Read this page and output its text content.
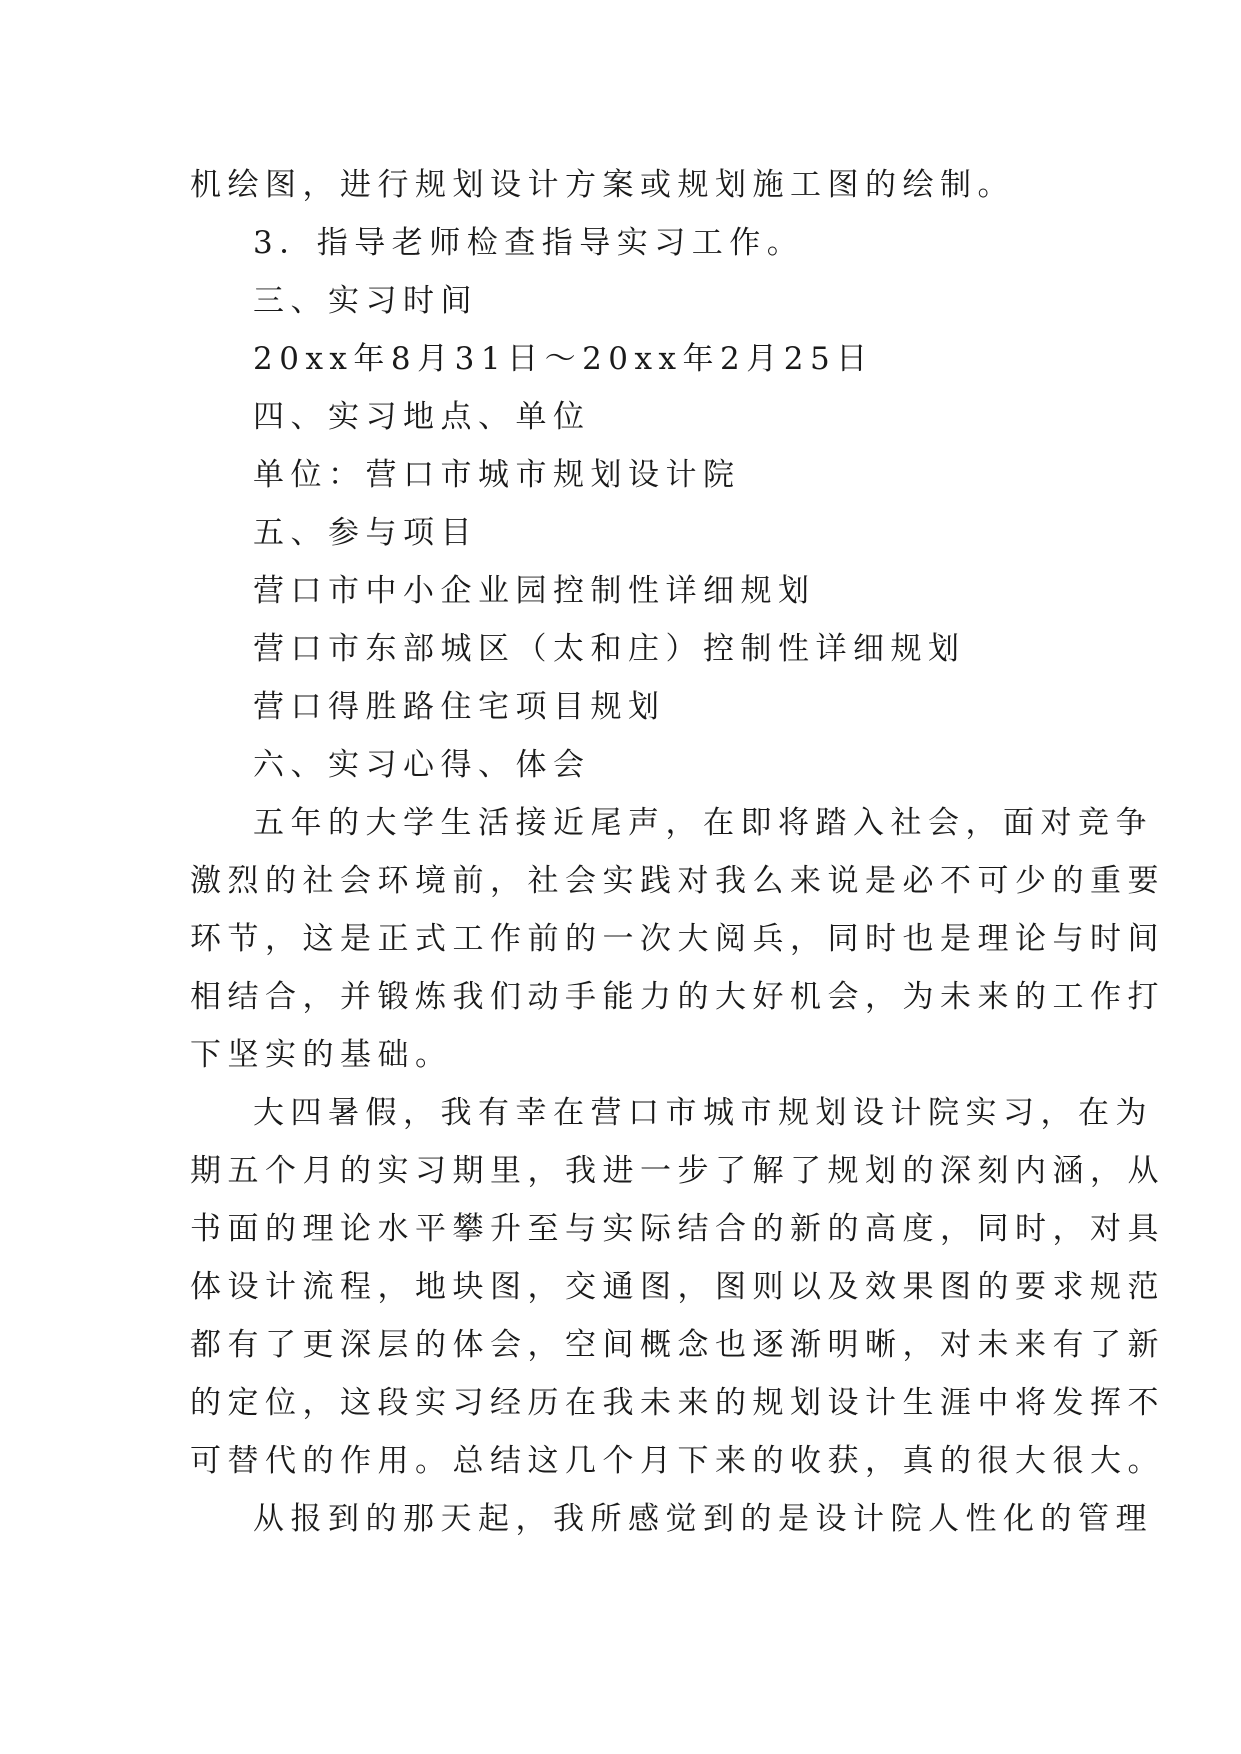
机绘图，进行规划设计方案或规划施工图的绘制。
3．指导老师检查指导实习工作。
三、实习时间
20xx年8月31日～20xx年2月25日
四、实习地点、单位
单位：营口市城市规划设计院
五、参与项目
营口市中小企业园控制性详细规划
营口市东部城区（太和庄）控制性详细规划
营口得胜路住宅项目规划
六、实习心得、体会
五年的大学生活接近尾声，在即将踏入社会，面对竞争
激烈的社会环境前，社会实践对我么来说是必不可少的重要
环节，这是正式工作前的一次大阅兵，同时也是理论与时间
相结合，并锻炼我们动手能力的大好机会，为未来的工作打
下坚实的基础。
大四暑假，我有幸在营口市城市规划设计院实习，在为
期五个月的实习期里，我进一步了解了规划的深刻内涵，从
书面的理论水平攀升至与实际结合的新的高度，同时，对具
体设计流程，地块图，交通图，图则以及效果图的要求规范
都有了更深层的体会，空间概念也逐渐明晰，对未来有了新
的定位，这段实习经历在我未来的规划设计生涯中将发挥不
可替代的作用。总结这几个月下来的收获，真的很大很大。
从报到的那天起，我所感觉到的是设计院人性化的管理
